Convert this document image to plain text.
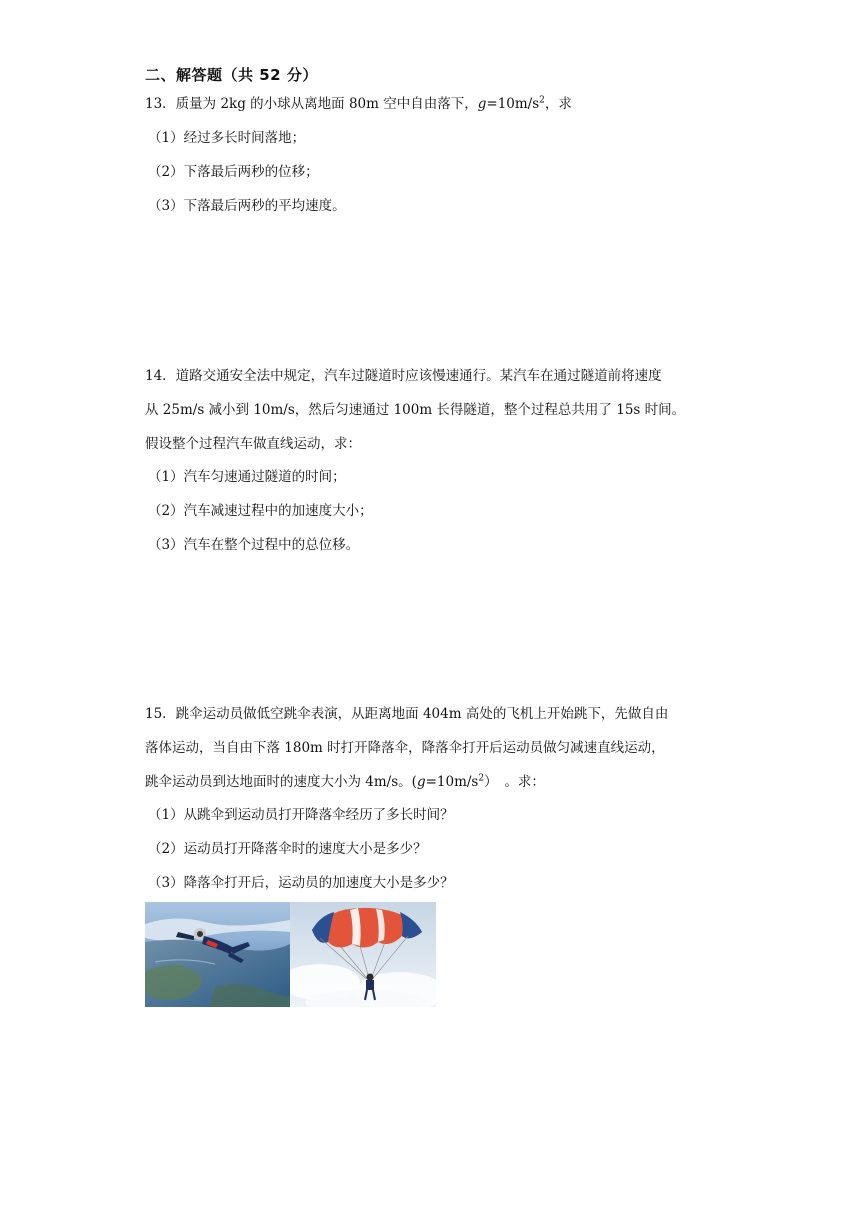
二、解答题（共 52 分）
13．质量为 2kg 的小球从离地面 80m 空中自由落下，$g=10m/s^2$，求
（1）经过多长时间落地；
（2）下落最后两秒的位移；
（3）下落最后两秒的平均速度。
14．道路交通安全法中规定，汽车过隧道时应该慢速通行。某汽车在通过隧道前将速度
从 25m/s 减小到 10m/s，然后匀速通过 100m 长得隧道，整个过程总共用了 15s 时间。
假设整个过程汽车做直线运动，求：
（1）汽车匀速通过隧道的时间；
（2）汽车减速过程中的加速度大小；
（3）汽车在整个过程中的总位移。
15．跳伞运动员做低空跳伞表演，从距离地面 404m 高处的飞机上开始跳下，先做自由
落体运动，当自由下落 180m 时打开降落伞，降落伞打开后运动员做匀减速直线运动，
跳伞运动员到达地面时的速度大小为 4m/s。$(g=10m/s^2)$　。求：
（1）从跳伞到运动员打开降落伞经历了多长时间？
（2）运动员打开降落伞时的速度大小是多少？
（3）降落伞打开后，运动员的加速度大小是多少？
